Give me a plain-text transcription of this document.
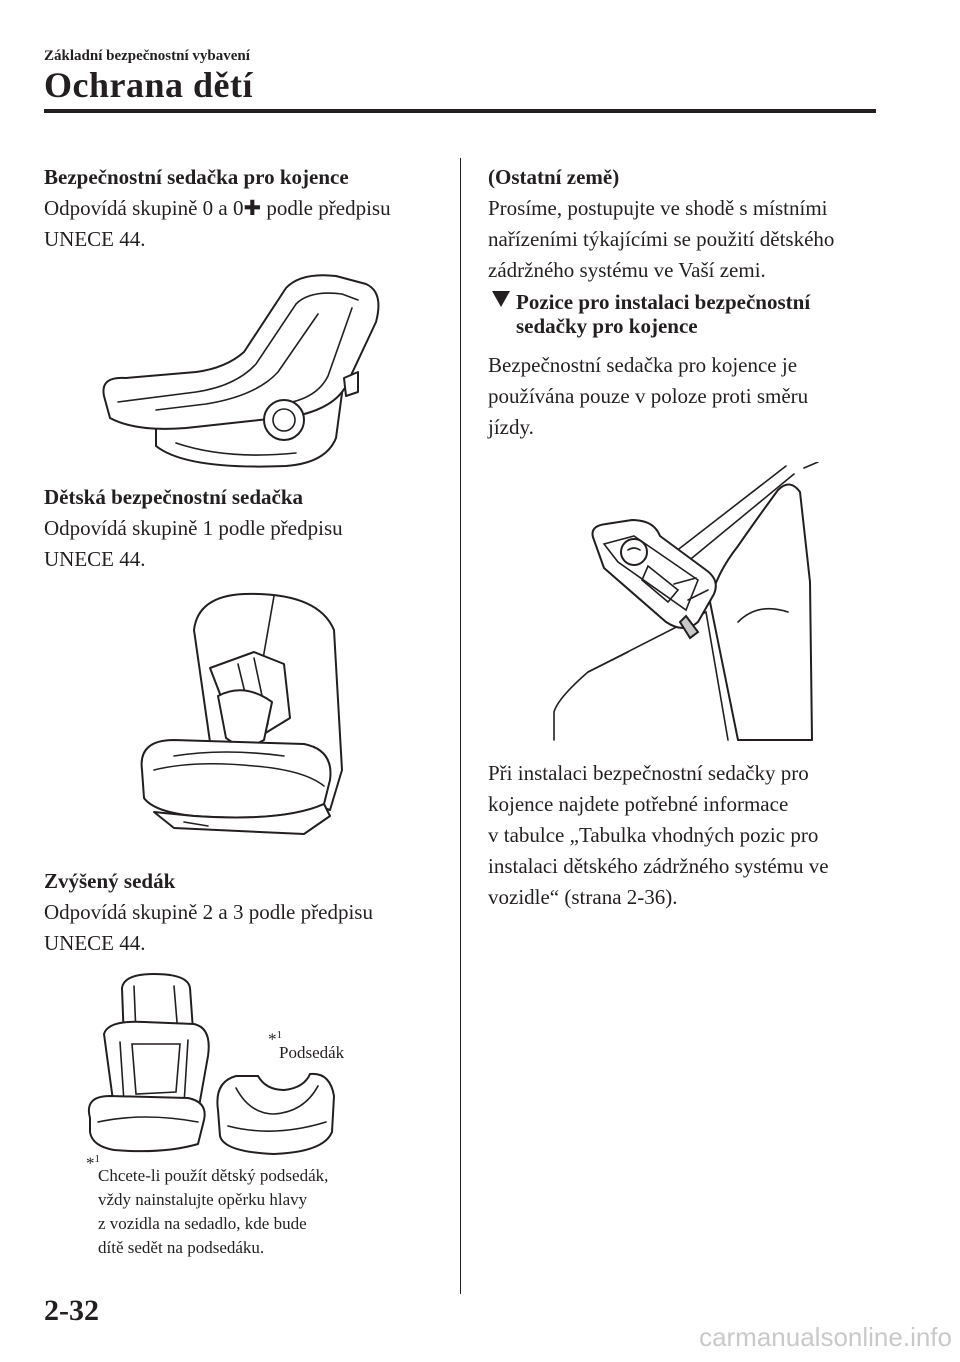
Základní bezpečnostní vybavení
Ochrana dětí
Bezpečnostní sedačka pro kojence
Odpovídá skupině 0 a 0✚ podle předpisu
UNECE 44.
Dětská bezpečnostní sedačka
Odpovídá skupině 1 podle předpisu
UNECE 44.
Zvýšený sedák
Odpovídá skupině 2 a 3 podle předpisu
UNECE 44.
*$^1$
Podsedák
*$^1$
Chcete-li použít dětský podsedák,
vždy nainstalujte opěrku hlavy
z vozidla na sedadlo, kde bude
dítě sedět na podsedáku.
(Ostatní země)
Prosíme, postupujte ve shodě s místními
nařízeními týkajícími se použití dětského
zádržného systému ve Vaší zemi.
Pozice pro instalaci bezpečnostní
sedačky pro kojence
Bezpečnostní sedačka pro kojence je
používána pouze v poloze proti směru
jízdy.
Při instalaci bezpečnostní sedačky pro
kojence najdete potřebné informace
v tabulce „Tabulka vhodných pozic pro
instalaci dětského zádržného systému ve
vozidle“ (strana 2-36).
2-32
carmanualsonline.info
